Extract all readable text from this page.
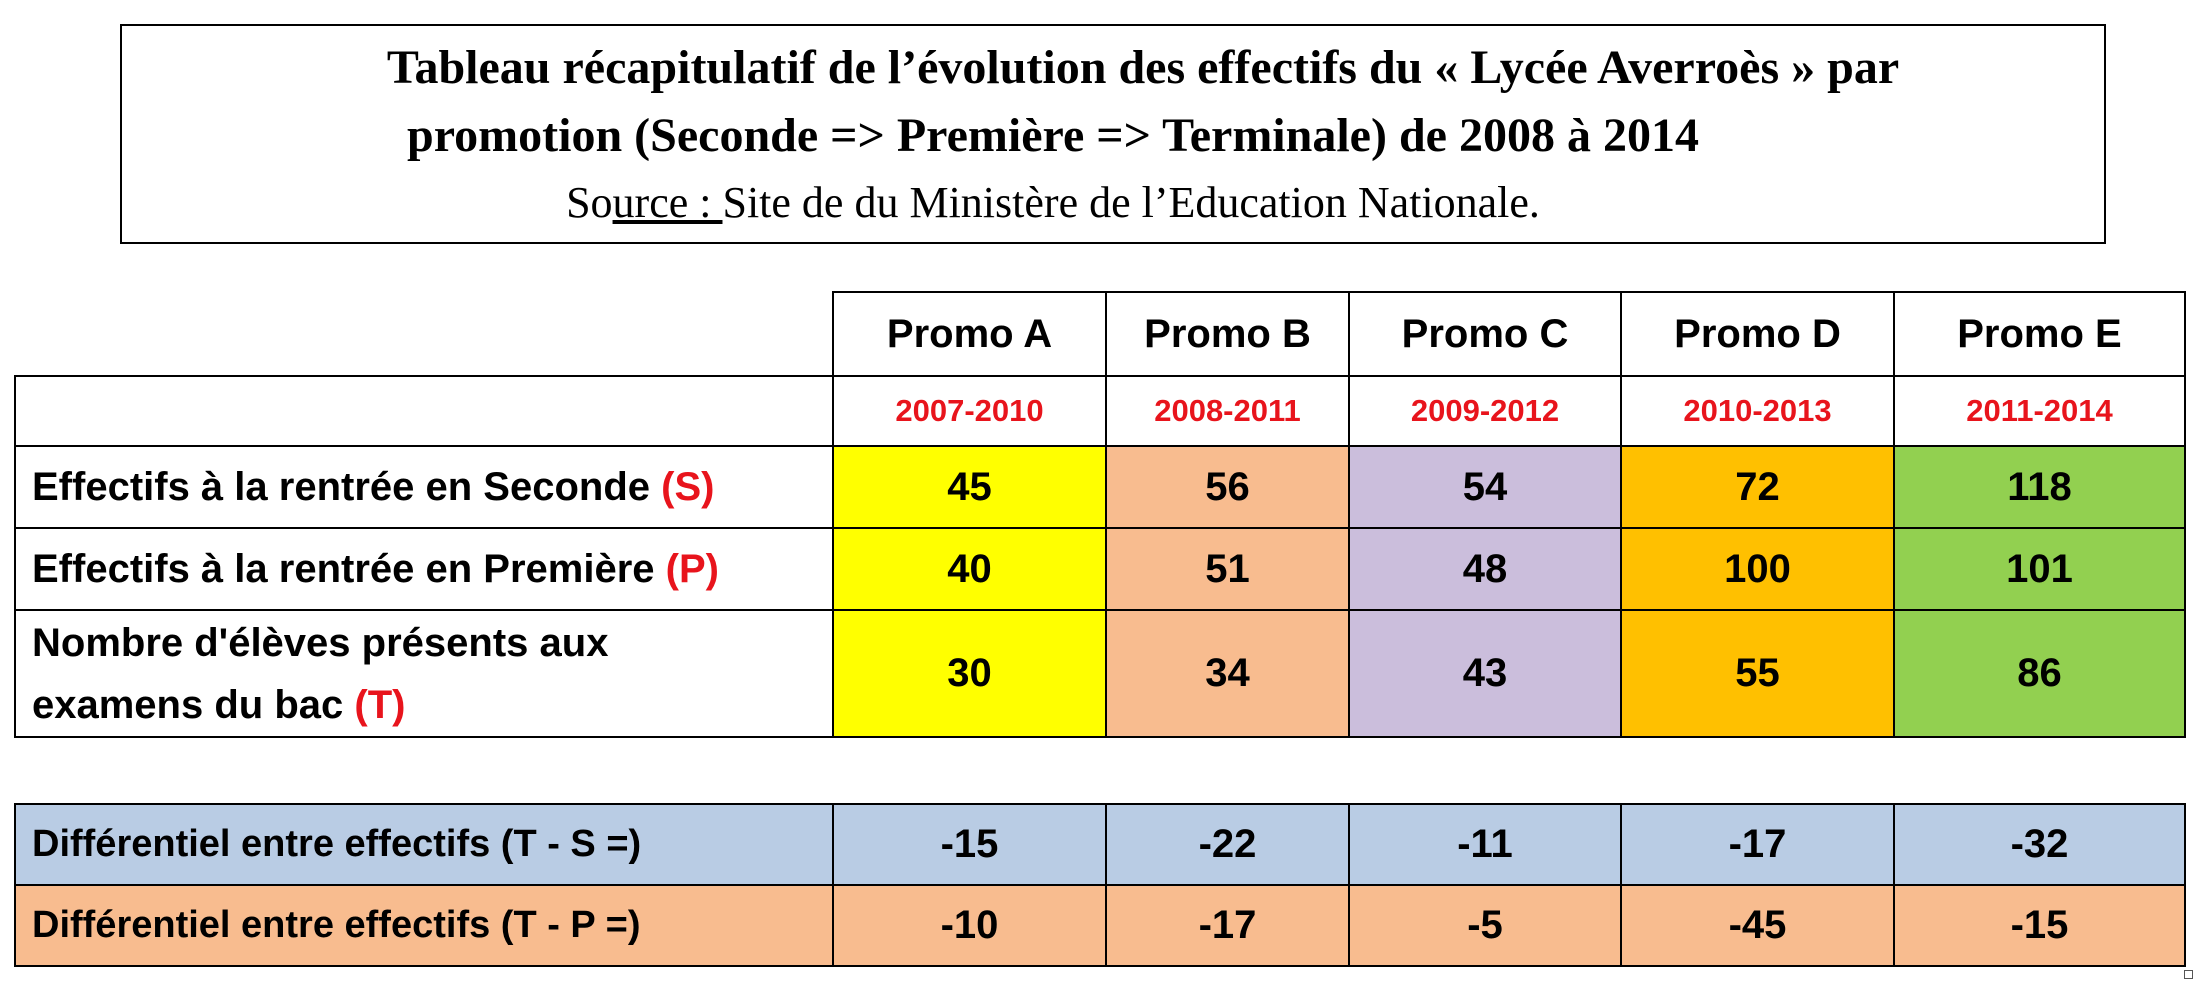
Tableau récapitulatif de l’évolution des effectifs du « Lycée Averroès » par
promotion (Seconde => Première => Terminale) de 2008 à 2014
Source : Site de du Ministère de l’Education Nationale.
	Promo A	Promo B	Promo C	Promo D	Promo E
	2007-2010	2008-2011	2009-2012	2010-2013	2011-2014
Effectifs à la rentrée en Seconde (S)	45	56	54	72	118
Effectifs à la rentrée en Première (P)	40	51	48	100	101
Nombre d'élèves présents aux
examens du bac (T)	30	34	43	55	86
Différentiel entre effectifs (T - S =)	-15	-22	-11	-17	-32
Différentiel entre effectifs (T - P =)	-10	-17	-5	-45	-15
